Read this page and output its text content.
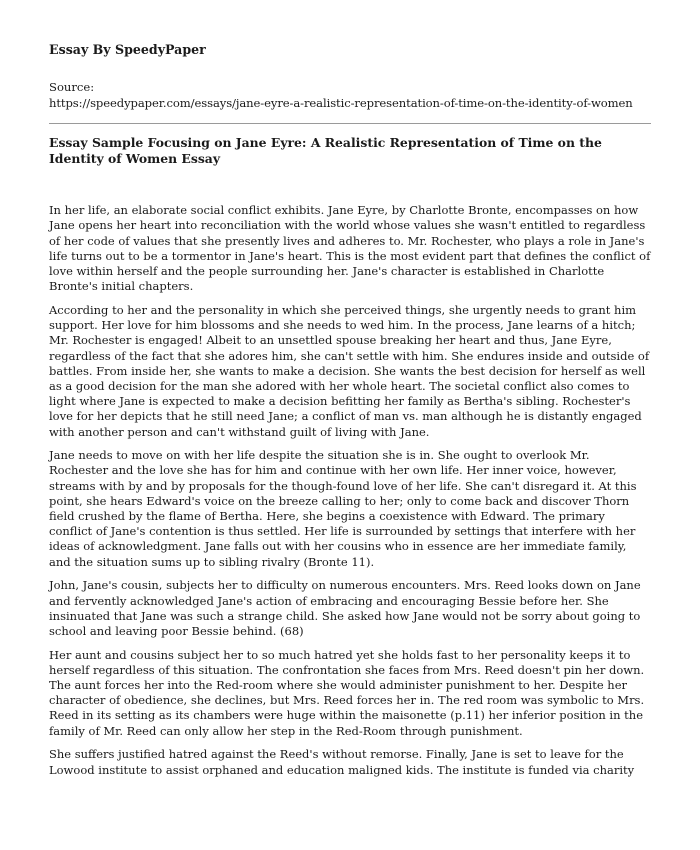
Essay By SpeedyPaper
Source:
https://speedypaper.com/essays/jane-eyre-a-realistic-representation-of-time-on-the-identity-of-women
Essay Sample Focusing on Jane Eyre: A Realistic Representation of Time on the Identity of Women Essay

In her life, an elaborate social conflict exhibits. Jane Eyre, by Charlotte Bronte, encompasses on how Jane opens her heart into reconciliation with the world whose values she wasn't entitled to regardless of her code of values that she presently lives and adheres to. Mr. Rochester, who plays a role in Jane's life turns out to be a tormentor in Jane's heart. This is the most evident part that defines the conflict of love within herself and the people surrounding her. Jane's character is established in Charlotte Bronte's initial chapters.

According to her and the personality in which she perceived things, she urgently needs to grant him support. Her love for him blossoms and she needs to wed him. In the process, Jane learns of a hitch; Mr. Rochester is engaged! Albeit to an unsettled spouse breaking her heart and thus, Jane Eyre, regardless of the fact that she adores him, she can't settle with him. She endures inside and outside of battles. From inside her, she wants to make a decision. She wants the best decision for herself as well as a good decision for the man she adored with her whole heart. The societal conflict also comes to light where Jane is expected to make a decision befitting her family as Bertha's sibling. Rochester's love for her depicts that he still need Jane; a conflict of man vs. man although he is distantly engaged with another person and can't withstand guilt of living with Jane.

Jane needs to move on with her life despite the situation she is in. She ought to overlook Mr. Rochester and the love she has for him and continue with her own life. Her inner voice, however, streams with by and by proposals for the though-found love of her life. She can't disregard it. At this point, she hears Edward's voice on the breeze calling to her; only to come back and discover Thorn field crushed by the flame of Bertha. Here, she begins a coexistence with Edward. The primary conflict of Jane's contention is thus settled. Her life is surrounded by settings that interfere with her ideas of acknowledgment. Jane falls out with her cousins who in essence are her immediate family, and the situation sums up to sibling rivalry (Bronte 11).

John, Jane's cousin, subjects her to difficulty on numerous encounters. Mrs. Reed looks down on Jane and fervently acknowledged Jane's action of embracing and encouraging Bessie before her. She insinuated that Jane was such a strange child. She asked how Jane would not be sorry about going to school and leaving poor Bessie behind. (68)

Her aunt and cousins subject her to so much hatred yet she holds fast to her personality keeps it to herself regardless of this situation. The confrontation she faces from Mrs. Reed doesn't pin her down. The aunt forces her into the Red-room where she would administer punishment to her. Despite her character of obedience, she declines, but Mrs. Reed forces her in. The red room was symbolic to Mrs. Reed in its setting as its chambers were huge within the maisonette (p.11) her inferior position in the family of Mr. Reed can only allow her step in the Red-Room through punishment.

She suffers justified hatred against the Reed's without remorse. Finally, Jane is set to leave for the Lowood institute to assist orphaned and education maligned kids. The institute is funded via charity
